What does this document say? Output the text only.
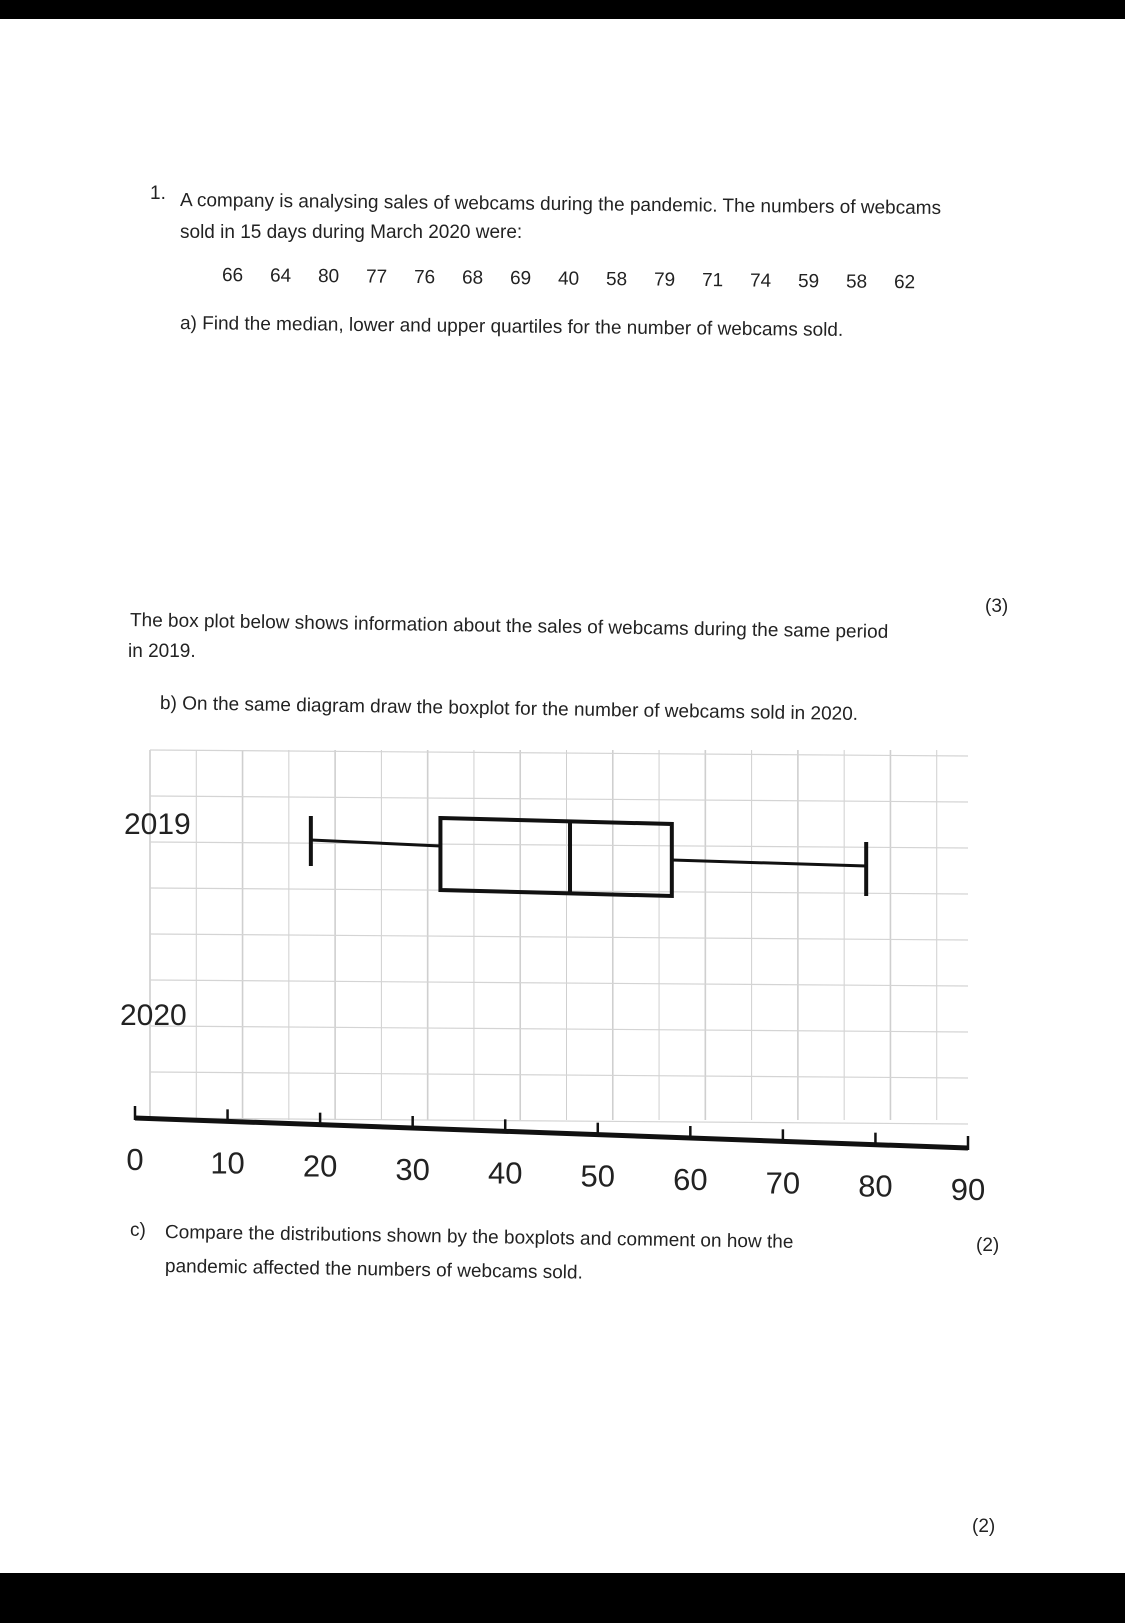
1. A company is analysing sales of webcams during the pandemic. The numbers of webcams
sold in 15 days during March 2020 were:
66 64 80 77 76 68 69 40 58 79 71 74 59 58 62
a) Find the median, lower and upper quartiles for the number of webcams sold.
(3)
The box plot below shows information about the sales of webcams during the same period
in 2019.
b) On the same diagram draw the boxplot for the number of webcams sold in 2020.
0 10 20 30 40 50 60 70 80 90
2019
2020
c) Compare the distributions shown by the boxplots and comment on how the
pandemic affected the numbers of webcams sold.
(2)
(2)
